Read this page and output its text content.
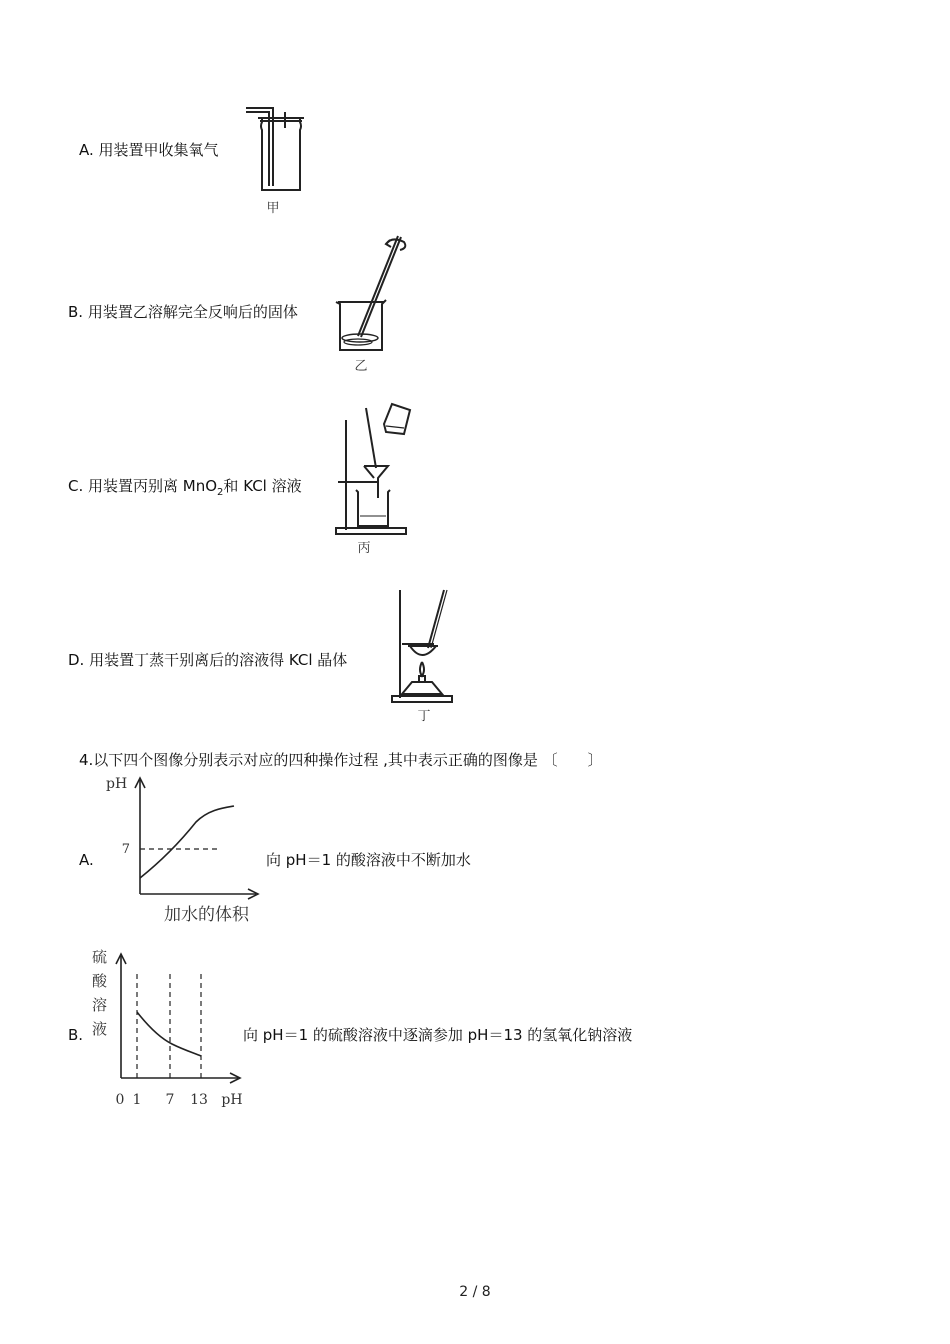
A. 用装置甲收集氧气
甲
B. 用装置乙溶解完全反响后的固体
乙
C. 用装置丙别离 MnO$_2$和 KCl 溶液
丙
D. 用装置丁蒸干别离后的溶液得 KCl 晶体
丁
4.以下四个图像分别表示对应的四种操作过程 ,其中表示正确的图像是 〔　　〕
A.
pH
7
加水的体积
向 pH＝1 的酸溶液中不断加水
B.
硫
酸
溶
液
0 1 7 13 pH
向 pH＝1 的硫酸溶液中逐滴参加 pH＝13 的氢氧化钠溶液
2 / 8
